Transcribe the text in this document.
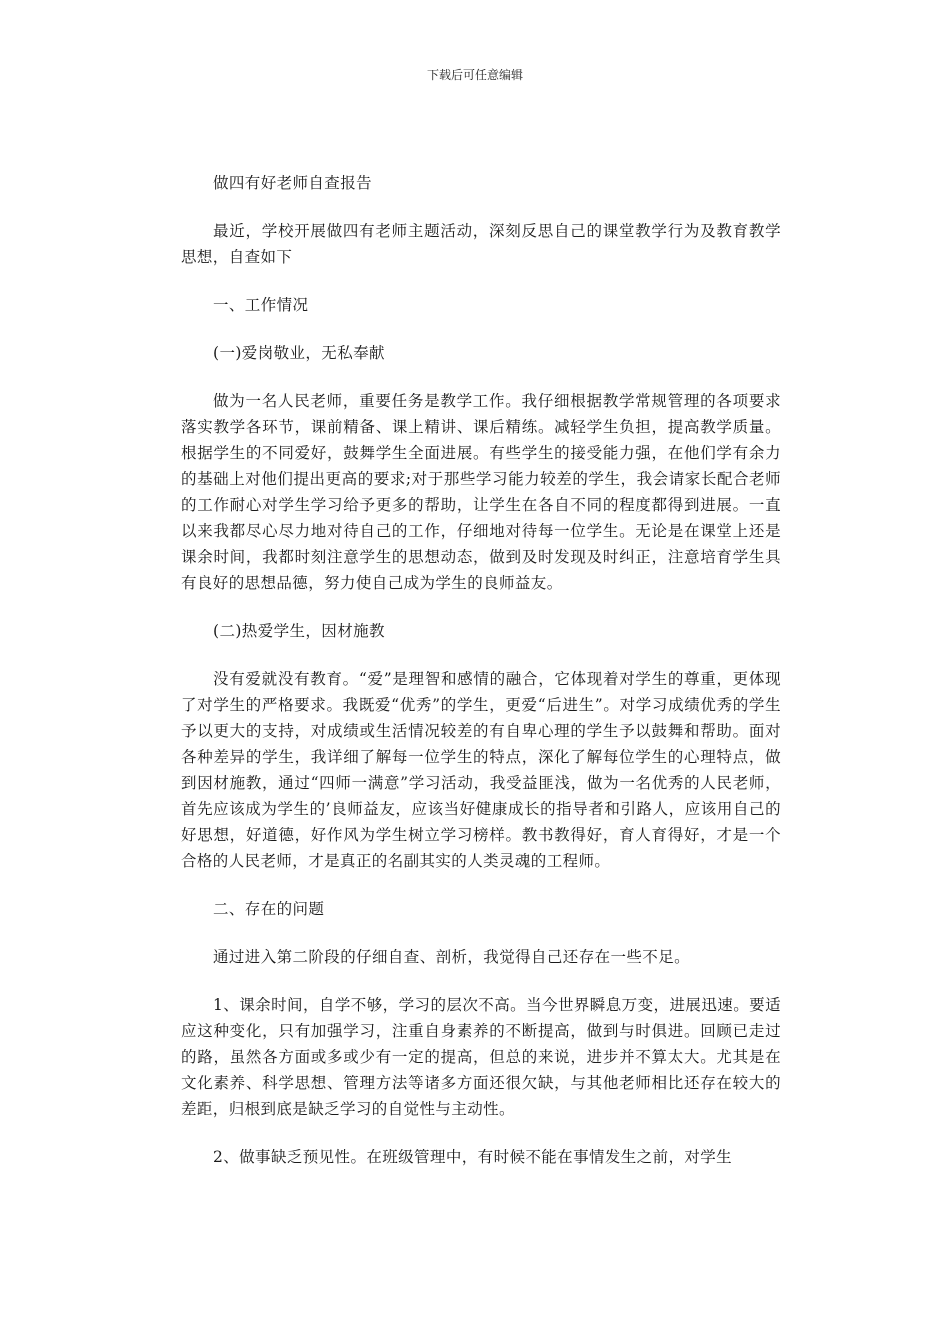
下载后可任意编辑

做四有好老师自查报告

最近，学校开展做四有老师主题活动，深刻反思自己的课堂教学行为及教育教学思想，自查如下

一、工作情况

(一)爱岗敬业，无私奉献

做为一名人民老师，重要任务是教学工作。我仔细根据教学常规管理的各项要求落实教学各环节，课前精备、课上精讲、课后精练。减轻学生负担，提高教学质量。根据学生的不同爱好，鼓舞学生全面进展。有些学生的接受能力强，在他们学有余力的基础上对他们提出更高的要求;对于那些学习能力较差的学生，我会请家长配合老师的工作耐心对学生学习给予更多的帮助，让学生在各自不同的程度都得到进展。一直以来我都尽心尽力地对待自己的工作，仔细地对待每一位学生。无论是在课堂上还是课余时间，我都时刻注意学生的思想动态，做到及时发现及时纠正，注意培育学生具有良好的思想品德，努力使自己成为学生的良师益友。

(二)热爱学生，因材施教

没有爱就没有教育。“爱”是理智和感情的融合，它体现着对学生的尊重，更体现了对学生的严格要求。我既爱“优秀”的学生，更爱“后进生”。对学习成绩优秀的学生予以更大的支持，对成绩或生活情况较差的有自卑心理的学生予以鼓舞和帮助。面对各种差异的学生，我详细了解每一位学生的特点，深化了解每位学生的心理特点，做到因材施教，通过“四师一满意”学习活动，我受益匪浅，做为一名优秀的人民老师，首先应该成为学生的’良师益友，应该当好健康成长的指导者和引路人，应该用自己的好思想，好道德，好作风为学生树立学习榜样。教书教得好，育人育得好，才是一个合格的人民老师，才是真正的名副其实的人类灵魂的工程师。

二、存在的问题

通过进入第二阶段的仔细自查、剖析，我觉得自己还存在一些不足。

1、课余时间，自学不够，学习的层次不高。当今世界瞬息万变，进展迅速。要适应这种变化，只有加强学习，注重自身素养的不断提高，做到与时俱进。回顾已走过的路，虽然各方面或多或少有一定的提高，但总的来说，进步并不算太大。尤其是在文化素养、科学思想、管理方法等诸多方面还很欠缺，与其他老师相比还存在较大的差距，归根到底是缺乏学习的自觉性与主动性。

2、做事缺乏预见性。在班级管理中，有时候不能在事情发生之前，对学生
